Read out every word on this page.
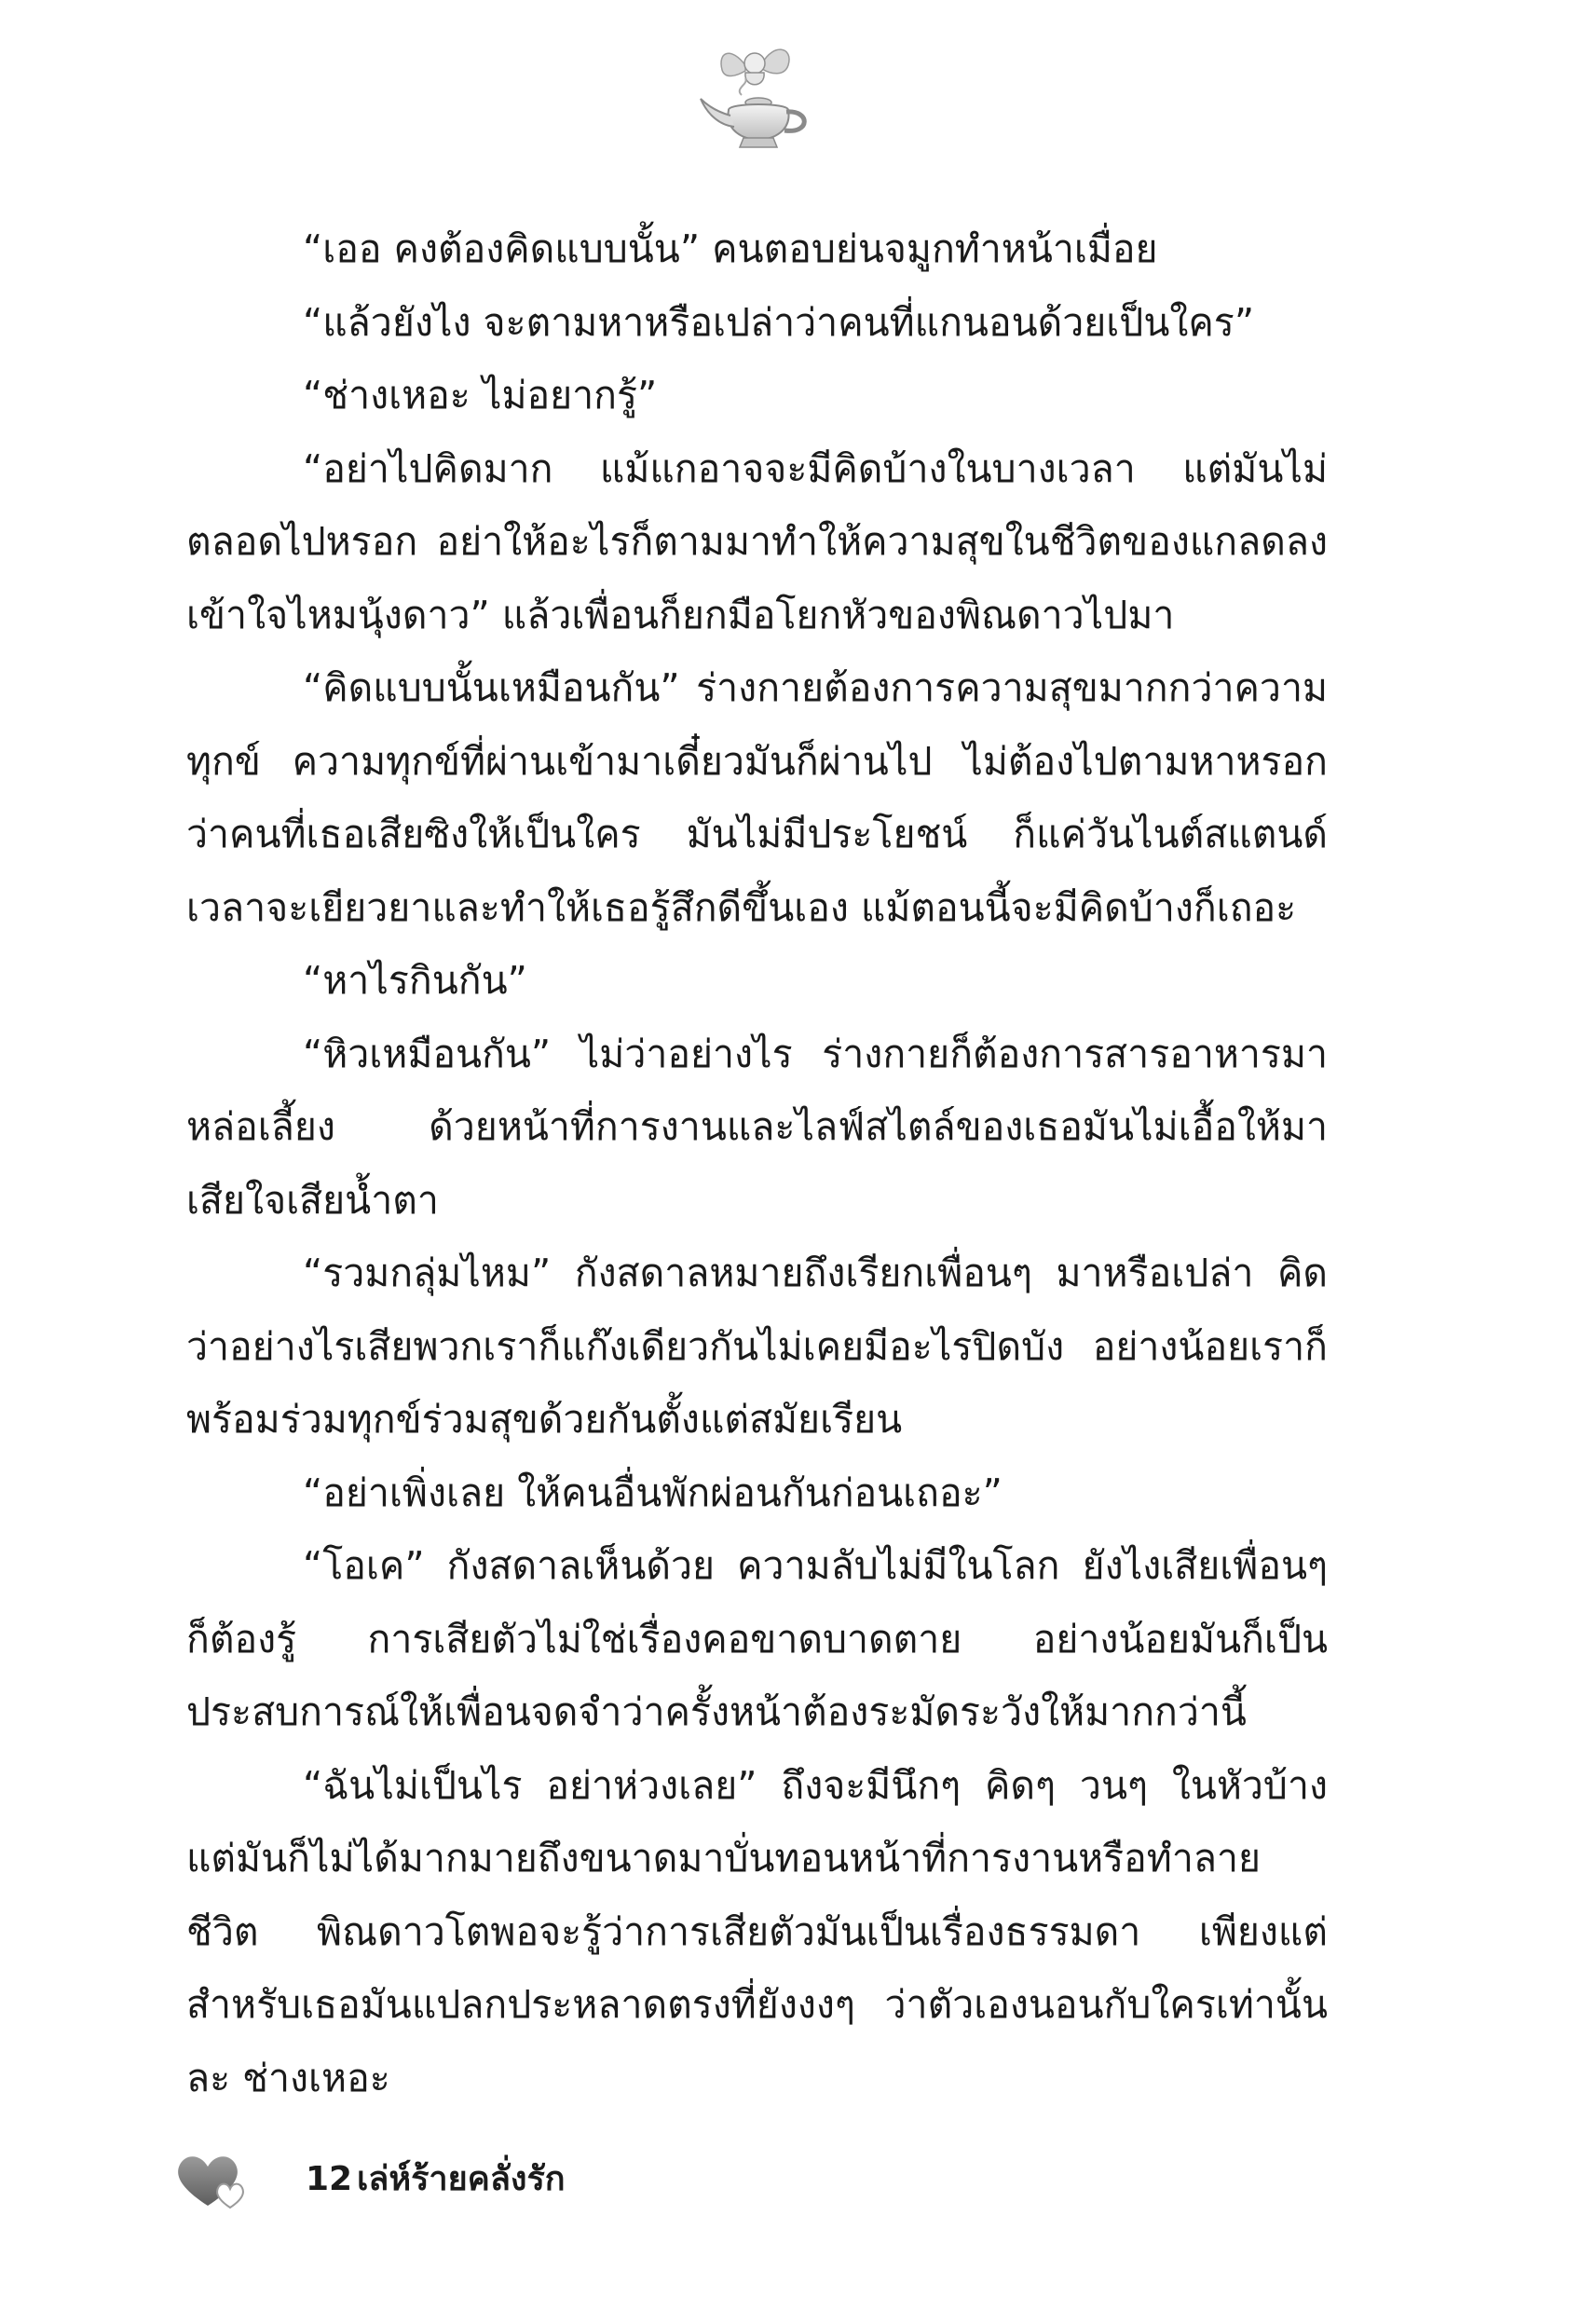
“เออ คงต้องคิดแบบนั้น” คนตอบย่นจมูกทำหน้าเมื่อย

“แล้วยังไง จะตามหาหรือเปล่าว่าคนที่แกนอนด้วยเป็นใคร”

“ช่างเหอะ ไม่อยากรู้”

“อย่าไปคิดมาก แม้แกอาจจะมีคิดบ้างในบางเวลา แต่มันไม่ตลอดไปหรอก อย่าให้อะไรก็ตามมาทำให้ความสุขในชีวิตของแกลดลง เข้าใจไหมนุ้งดาว” แล้วเพื่อนก็ยกมือโยกหัวของพิณดาวไปมา

“คิดแบบนั้นเหมือนกัน” ร่างกายต้องการความสุขมากกว่าความทุกข์ ความทุกข์ที่ผ่านเข้ามาเดี๋ยวมันก็ผ่านไป ไม่ต้องไปตามหาหรอกว่าคนที่เธอเสียซิงให้เป็นใคร มันไม่มีประโยชน์ ก็แค่วันไนต์สแตนด์ เวลาจะเยียวยาและทำให้เธอรู้สึกดีขึ้นเอง แม้ตอนนี้จะมีคิดบ้างก็เถอะ

“หาไรกินกัน”

“หิวเหมือนกัน” ไม่ว่าอย่างไร ร่างกายก็ต้องการสารอาหารมาหล่อเลี้ยง ด้วยหน้าที่การงานและไลฟ์สไตล์ของเธอมันไม่เอื้อให้มาเสียใจเสียน้ำตา

“รวมกลุ่มไหม” กังสดาลหมายถึงเรียกเพื่อนๆ มาหรือเปล่า คิดว่าอย่างไรเสียพวกเราก็แก๊งเดียวกันไม่เคยมีอะไรปิดบัง อย่างน้อยเราก็พร้อมร่วมทุกข์ร่วมสุขด้วยกันตั้งแต่สมัยเรียน

“อย่าเพิ่งเลย ให้คนอื่นพักผ่อนกันก่อนเถอะ”

“โอเค” กังสดาลเห็นด้วย ความลับไม่มีในโลก ยังไงเสียเพื่อนๆ ก็ต้องรู้ การเสียตัวไม่ใช่เรื่องคอขาดบาดตาย อย่างน้อยมันก็เป็นประสบการณ์ให้เพื่อนจดจำว่าครั้งหน้าต้องระมัดระวังให้มากกว่านี้

“ฉันไม่เป็นไร อย่าห่วงเลย” ถึงจะมีนึกๆ คิดๆ วนๆ ในหัวบ้าง แต่มันก็ไม่ได้มากมายถึงขนาดมาบั่นทอนหน้าที่การงานหรือทำลายชีวิต พิณดาวโตพอจะรู้ว่าการเสียตัวมันเป็นเรื่องธรรมดา เพียงแต่สำหรับเธอมันแปลกประหลาดตรงที่ยังงงๆ ว่าตัวเองนอนกับใครเท่านั้นละ ช่างเหอะ

12 เล่ห์ร้ายคลั่งรัก
